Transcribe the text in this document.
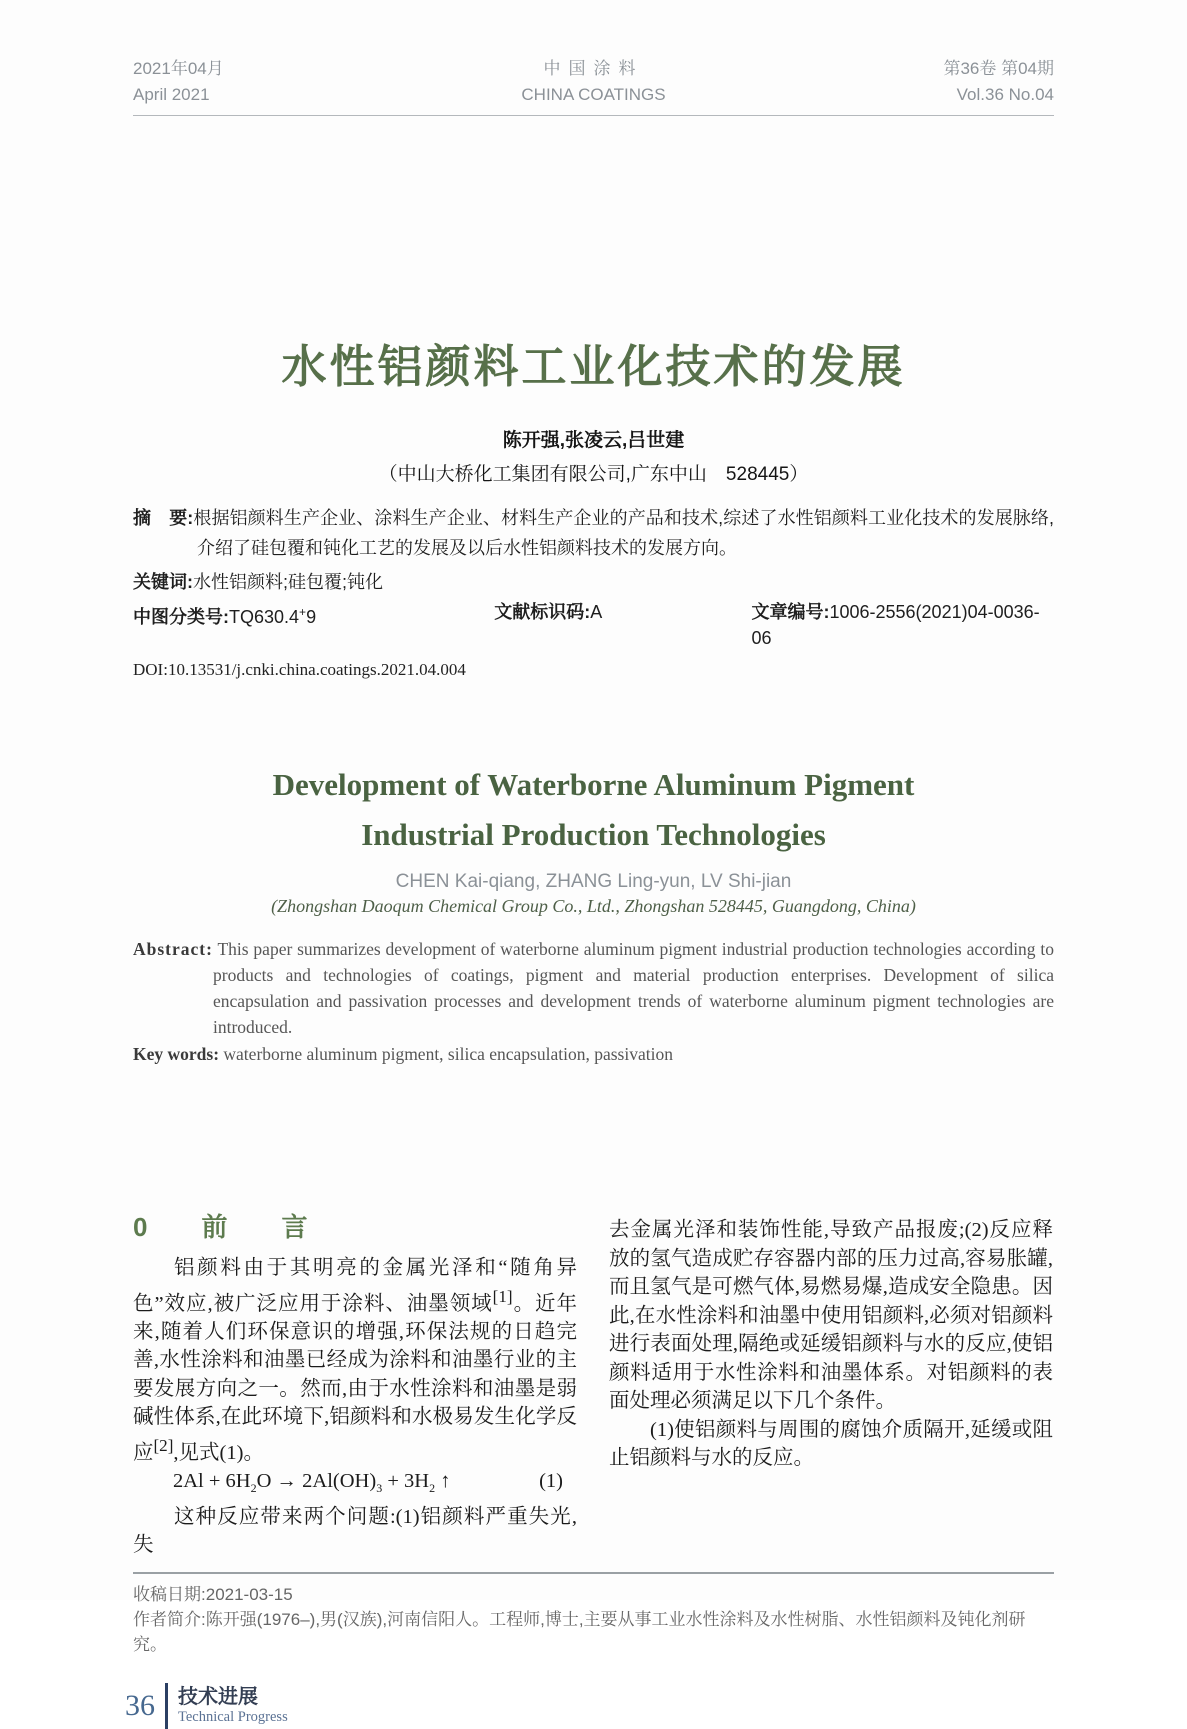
2021年04月
April 2021
中国涂料
CHINA COATINGS
第36卷 第04期
Vol.36 No.04
水性铝颜料工业化技术的发展
陈开强,张凌云,吕世建
（中山大桥化工集团有限公司,广东中山　528445）

摘　要:根据铝颜料生产企业、涂料生产企业、材料生产企业的产品和技术,综述了水性铝颜料工业化技术的发展脉络,介绍了硅包覆和钝化工艺的发展及以后水性铝颜料技术的发展方向。

关键词:水性铝颜料;硅包覆;钝化

中图分类号:TQ630.4+9	文献标识码:A	文章编号:1006-2556(2021)04-0036-06
DOI:10.13531/j.cnki.china.coatings.2021.04.004
Development of Waterborne Aluminum Pigment
Industrial Production Technologies
CHEN Kai-qiang, ZHANG Ling-yun, LV Shi-jian
(Zhongshan Daoqum Chemical Group Co., Ltd., Zhongshan 528445, Guangdong, China)

Abstract: This paper summarizes development of waterborne aluminum pigment industrial production technologies according to products and technologies of coatings, pigment and material production enterprises. Development of silica encapsulation and passivation processes and development trends of waterborne aluminum pigment technologies are introduced.

Key words: waterborne aluminum pigment, silica encapsulation, passivation

0　前　言

铝颜料由于其明亮的金属光泽和“随角异色”效应,被广泛应用于涂料、油墨领域[1]。近年来,随着人们环保意识的增强,环保法规的日趋完善,水性涂料和油墨已经成为涂料和油墨行业的主要发展方向之一。然而,由于水性涂料和油墨是弱碱性体系,在此环境下,铝颜料和水极易发生化学反应[2],见式(1)。

$2Al + 6H_2O \to 2Al(OH)_3 + 3H_2$ ↑	(1)

这种反应带来两个问题:(1)铝颜料严重失光,失

去金属光泽和装饰性能,导致产品报废;(2)反应释放的氢气造成贮存容器内部的压力过高,容易胀罐,而且氢气是可燃气体,易燃易爆,造成安全隐患。因此,在水性涂料和油墨中使用铝颜料,必须对铝颜料进行表面处理,隔绝或延缓铝颜料与水的反应,使铝颜料适用于水性涂料和油墨体系。对铝颜料的表面处理必须满足以下几个条件。

(1)使铝颜料与周围的腐蚀介质隔开,延缓或阻止铝颜料与水的反应。

收稿日期:2021-03-15
作者简介:陈开强(1976–),男(汉族),河南信阳人。工程师,博士,主要从事工业水性涂料及水性树脂、水性铝颜料及钝化剂研究。
36	技术进展
Technical Progress
